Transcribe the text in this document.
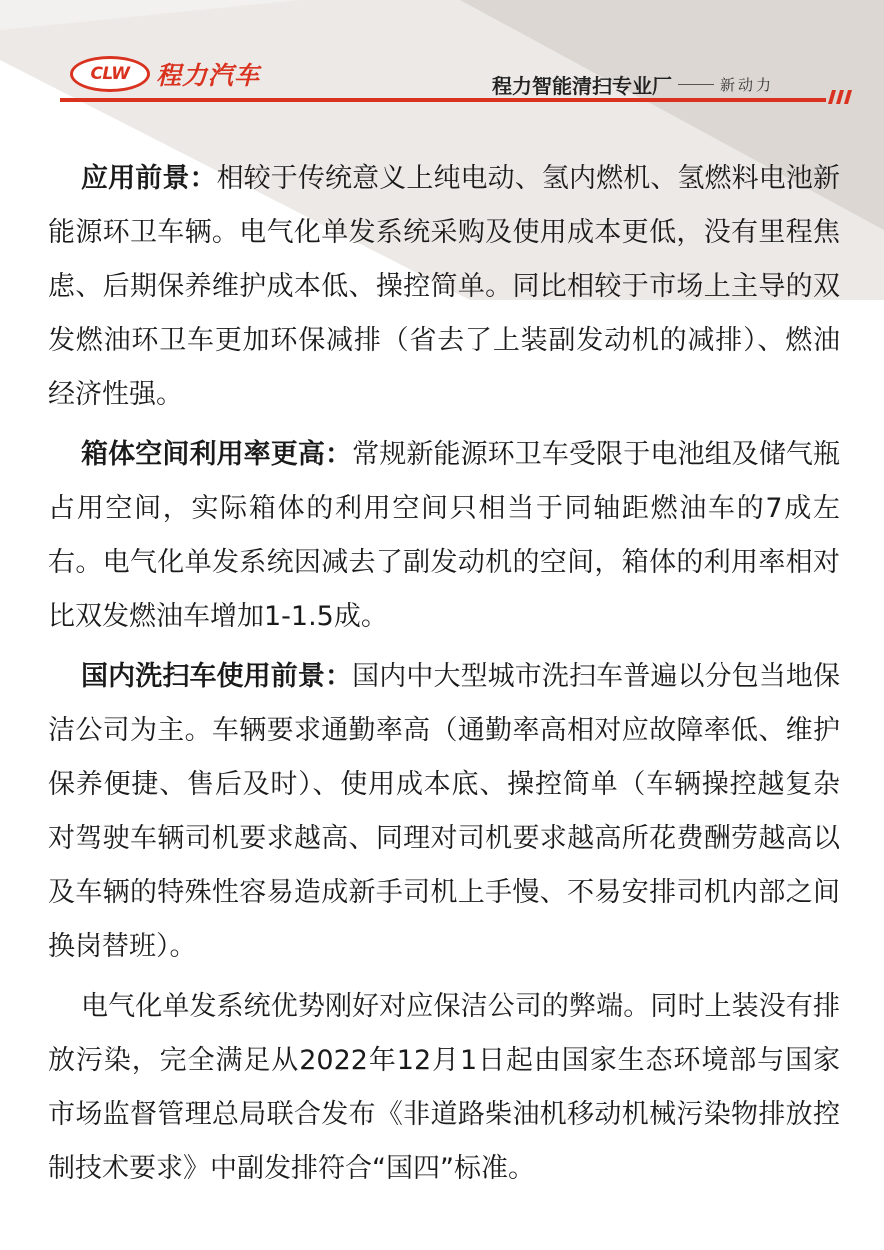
CLW 程力汽车	程力智能清扫专业厂	新动力

应用前景：相较于传统意义上纯电动、氢内燃机、氢燃料电池新能源环卫车辆。电气化单发系统采购及使用成本更低，没有里程焦虑、后期保养维护成本低、操控简单。同比相较于市场上主导的双发燃油环卫车更加环保减排（省去了上装副发动机的减排）、燃油经济性强。

箱体空间利用率更高：常规新能源环卫车受限于电池组及储气瓶占用空间，实际箱体的利用空间只相当于同轴距燃油车的7成左右。电气化单发系统因减去了副发动机的空间，箱体的利用率相对比双发燃油车增加1-1.5成。

国内洗扫车使用前景：国内中大型城市洗扫车普遍以分包当地保洁公司为主。车辆要求通勤率高（通勤率高相对应故障率低、维护保养便捷、售后及时）、使用成本底、操控简单（车辆操控越复杂对驾驶车辆司机要求越高、同理对司机要求越高所花费酬劳越高以及车辆的特殊性容易造成新手司机上手慢、不易安排司机内部之间换岗替班）。

电气化单发系统优势刚好对应保洁公司的弊端。同时上装没有排放污染，完全满足从2022年12月1日起由国家生态环境部与国家市场监督管理总局联合发布《非道路柴油机移动机械污染物排放控制技术要求》中副发排符合“国四”标准。
